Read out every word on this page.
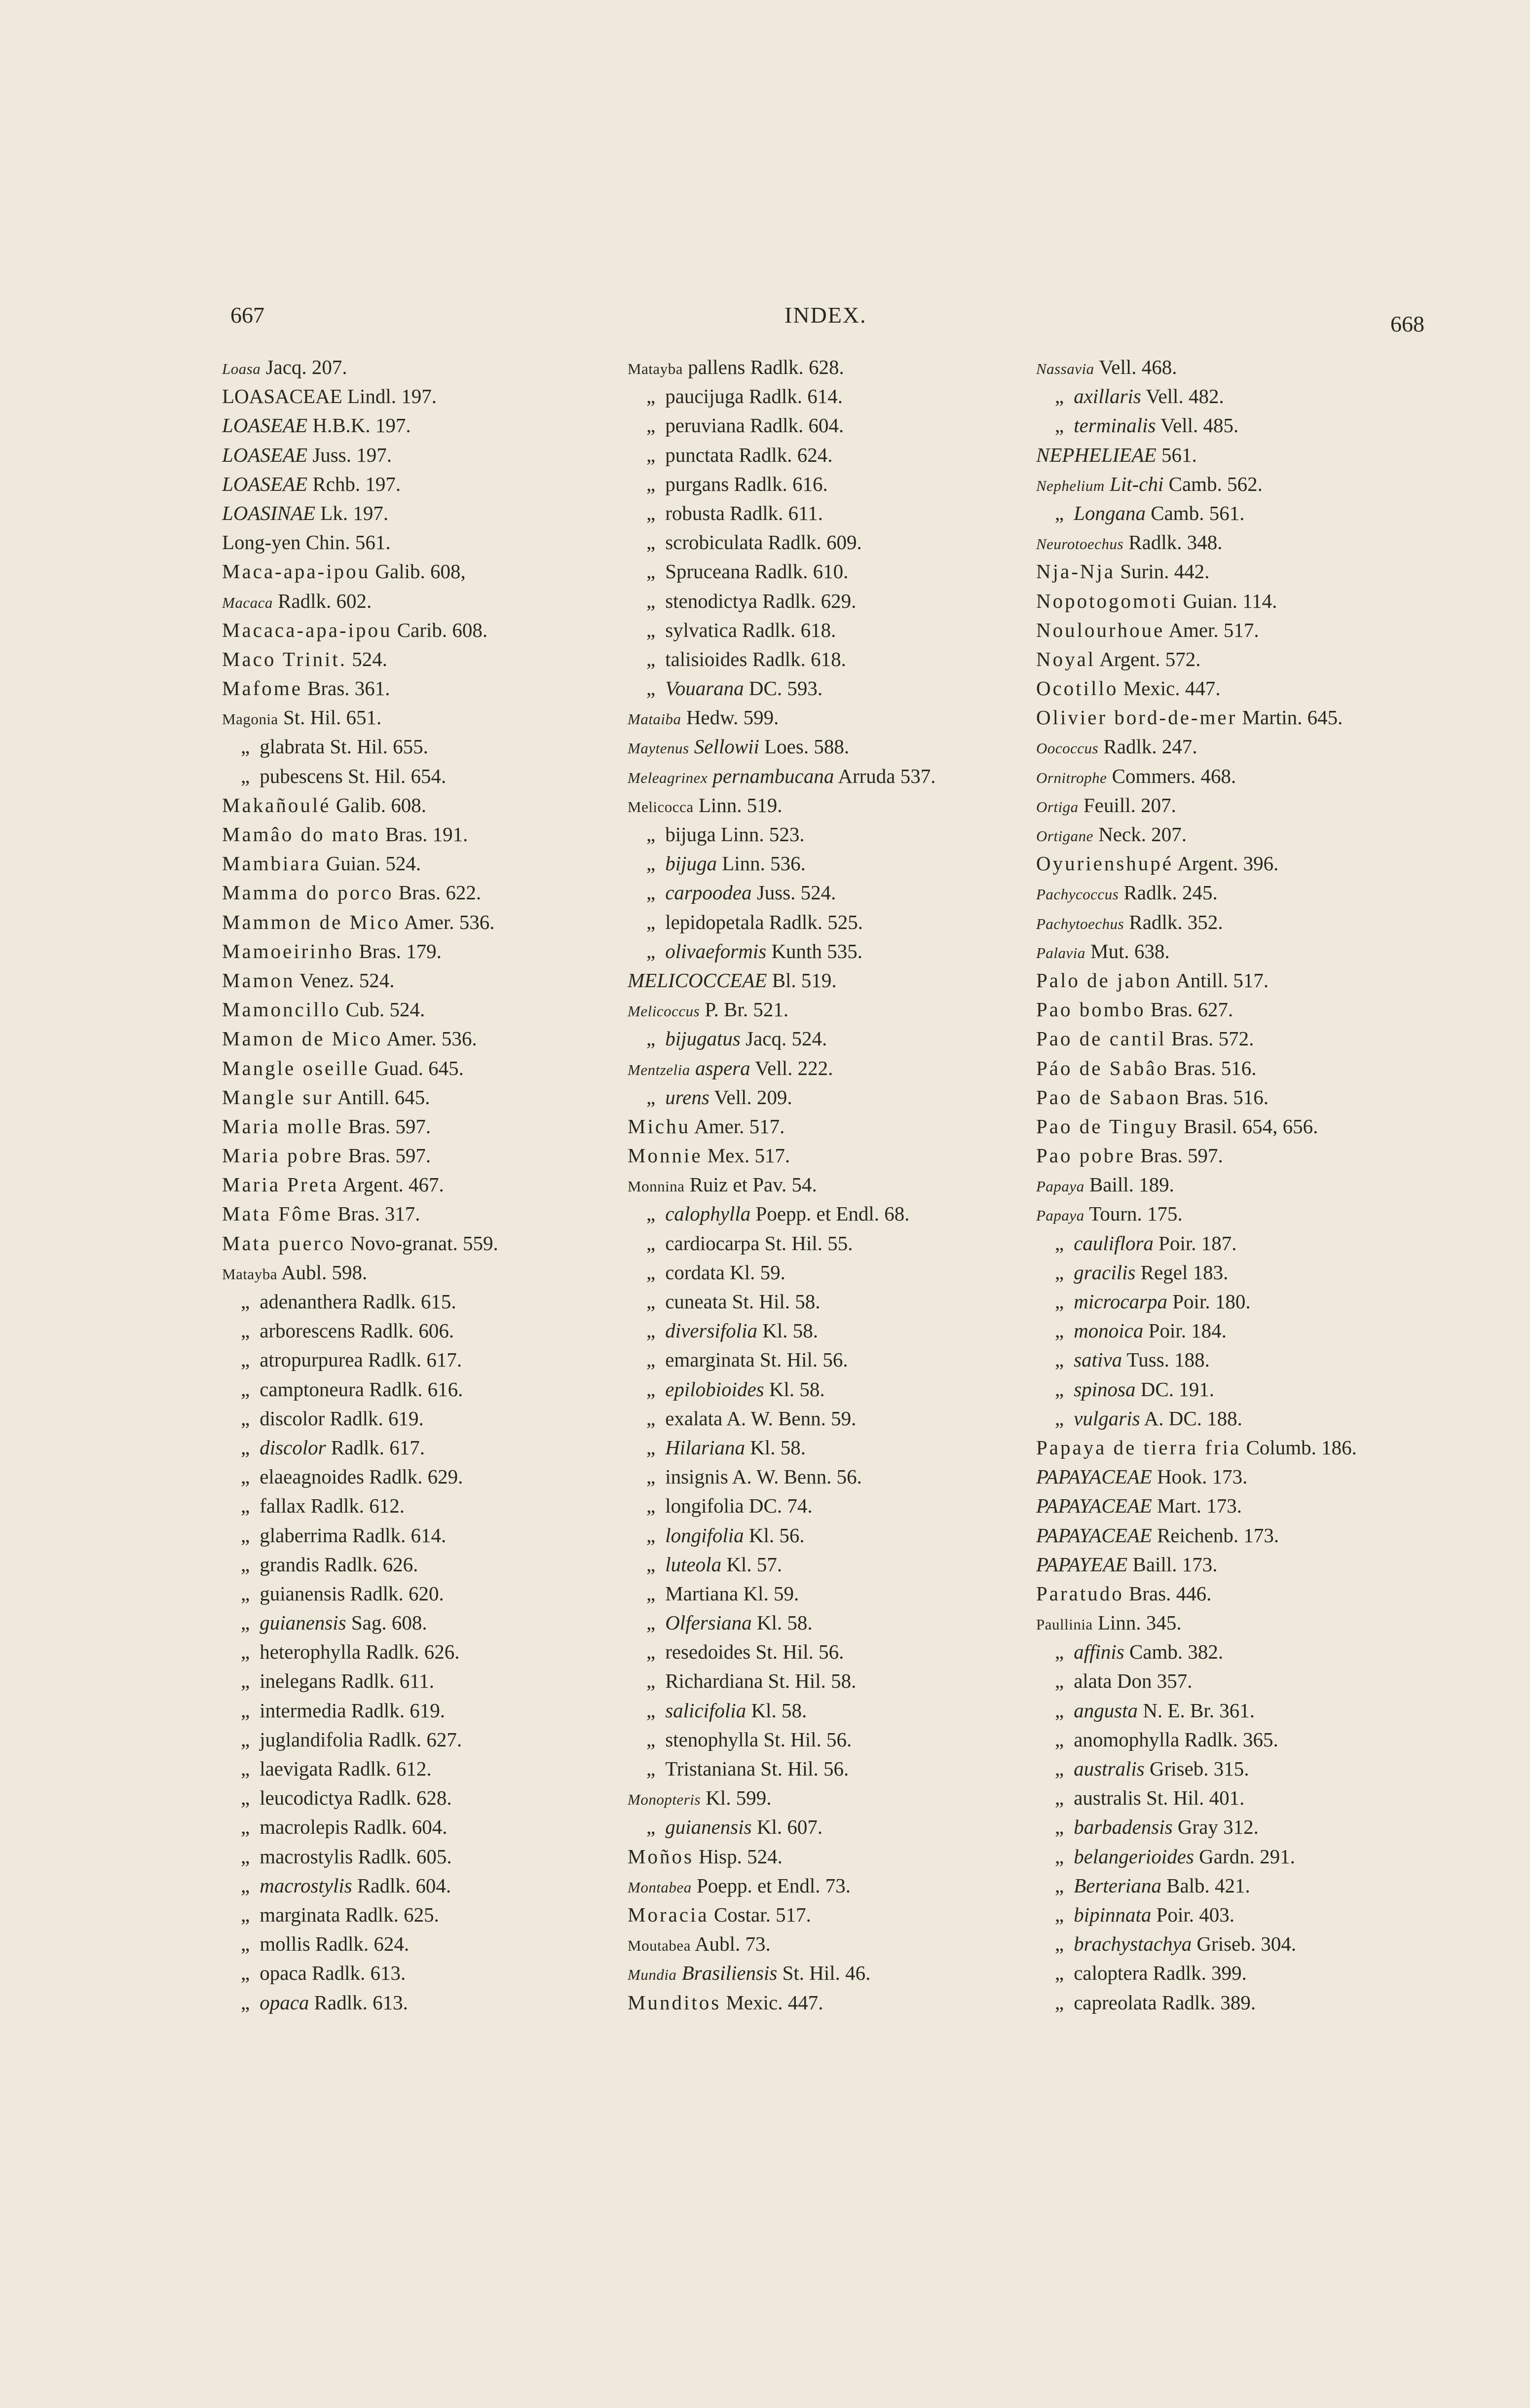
667	INDEX.	668
Loasa Jacq. 207.
LOASACEAE Lindl. 197.
LOASEAE H.B.K. 197.
LOASEAE Juss. 197.
LOASEAE Rchb. 197.
LOASINAE Lk. 197.
Long-yen Chin. 561.
Maca-apa-ipou Galib. 608,
Macaca Radlk. 602.
Macaca-apa-ipou Carib. 608.
Maco Trinit. 524.
Mafome Bras. 361.
Magonia St. Hil. 651.
„ glabrata St. Hil. 655.
„ pubescens St. Hil. 654.
Makañoulé Galib. 608.
Mamâo do mato Bras. 191.
Mambiara Guian. 524.
Mamma do porco Bras. 622.
Mammon de Mico Amer. 536.
Mamoeirinho Bras. 179.
Mamon Venez. 524.
Mamoncillo Cub. 524.
Mamon de Mico Amer. 536.
Mangle oseille Guad. 645.
Mangle sur Antill. 645.
Maria molle Bras. 597.
Maria pobre Bras. 597.
Maria Preta Argent. 467.
Mata Fôme Bras. 317.
Mata puerco Novo-granat. 559.
Matayba Aubl. 598.
„ adenanthera Radlk. 615.
„ arborescens Radlk. 606.
„ atropurpurea Radlk. 617.
„ camptoneura Radlk. 616.
„ discolor Radlk. 619.
„ discolor Radlk. 617.
„ elaeagnoides Radlk. 629.
„ fallax Radlk. 612.
„ glaberrima Radlk. 614.
„ grandis Radlk. 626.
„ guianensis Radlk. 620.
„ guianensis Sag. 608.
„ heterophylla Radlk. 626.
„ inelegans Radlk. 611.
„ intermedia Radlk. 619.
„ juglandifolia Radlk. 627.
„ laevigata Radlk. 612.
„ leucodictya Radlk. 628.
„ macrolepis Radlk. 604.
„ macrostylis Radlk. 605.
„ macrostylis Radlk. 604.
„ marginata Radlk. 625.
„ mollis Radlk. 624.
„ opaca Radlk. 613.
„ opaca Radlk. 613.
Matayba pallens Radlk. 628.
„ paucijuga Radlk. 614.
„ peruviana Radlk. 604.
„ punctata Radlk. 624.
„ purgans Radlk. 616.
„ robusta Radlk. 611.
„ scrobiculata Radlk. 609.
„ Spruceana Radlk. 610.
„ stenodictya Radlk. 629.
„ sylvatica Radlk. 618.
„ talisioides Radlk. 618.
„ Vouarana DC. 593.
Mataiba Hedw. 599.
Maytenus Sellowii Loes. 588.
Meleagrinex pernambucana Arruda 537.
Melicocca Linn. 519.
„ bijuga Linn. 523.
„ bijuga Linn. 536.
„ carpoodea Juss. 524.
„ lepidopetala Radlk. 525.
„ olivaeformis Kunth 535.
MELICOCCEAE Bl. 519.
Melicoccus P. Br. 521.
„ bijugatus Jacq. 524.
Mentzelia aspera Vell. 222.
„ urens Vell. 209.
Michu Amer. 517.
Monnie Mex. 517.
Monnina Ruiz et Pav. 54.
„ calophylla Poepp. et Endl. 68.
„ cardiocarpa St. Hil. 55.
„ cordata Kl. 59.
„ cuneata St. Hil. 58.
„ diversifolia Kl. 58.
„ emarginata St. Hil. 56.
„ epilobioides Kl. 58.
„ exalata A. W. Benn. 59.
„ Hilariana Kl. 58.
„ insignis A. W. Benn. 56.
„ longifolia DC. 74.
„ longifolia Kl. 56.
„ luteola Kl. 57.
„ Martiana Kl. 59.
„ Olfersiana Kl. 58.
„ resedoides St. Hil. 56.
„ Richardiana St. Hil. 58.
„ salicifolia Kl. 58.
„ stenophylla St. Hil. 56.
„ Tristaniana St. Hil. 56.
Monopteris Kl. 599.
„ guianensis Kl. 607.
Moños Hisp. 524.
Montabea Poepp. et Endl. 73.
Moracia Costar. 517.
Moutabea Aubl. 73.
Mundia Brasiliensis St. Hil. 46.
Munditos Mexic. 447.
Nassavia Vell. 468.
„ axillaris Vell. 482.
„ terminalis Vell. 485.
NEPHELIEAE 561.
Nephelium Lit-chi Camb. 562.
„ Longana Camb. 561.
Neurotoechus Radlk. 348.
Nja-Nja Surin. 442.
Nopotogomoti Guian. 114.
Noulourhoue Amer. 517.
Noyal Argent. 572.
Ocotillo Mexic. 447.
Olivier bord-de-mer Martin. 645.
Oococcus Radlk. 247.
Ornitrophe Commers. 468.
Ortiga Feuill. 207.
Ortigane Neck. 207.
Oyurienshupé Argent. 396.
Pachycoccus Radlk. 245.
Pachytoechus Radlk. 352.
Palavia Mut. 638.
Palo de jabon Antill. 517.
Pao bombo Bras. 627.
Pao de cantil Bras. 572.
Páo de Sabâo Bras. 516.
Pao de Sabaon Bras. 516.
Pao de Tinguy Brasil. 654, 656.
Pao pobre Bras. 597.
Papaya Baill. 189.
Papaya Tourn. 175.
„ cauliflora Poir. 187.
„ gracilis Regel 183.
„ microcarpa Poir. 180.
„ monoica Poir. 184.
„ sativa Tuss. 188.
„ spinosa DC. 191.
„ vulgaris A. DC. 188.
Papaya de tierra fria Columb. 186.
PAPAYACEAE Hook. 173.
PAPAYACEAE Mart. 173.
PAPAYACEAE Reichenb. 173.
PAPAYEAE Baill. 173.
Paratudo Bras. 446.
Paullinia Linn. 345.
„ affinis Camb. 382.
„ alata Don 357.
„ angusta N. E. Br. 361.
„ anomophylla Radlk. 365.
„ australis Griseb. 315.
„ australis St. Hil. 401.
„ barbadensis Gray 312.
„ belangerioides Gardn. 291.
„ Berteriana Balb. 421.
„ bipinnata Poir. 403.
„ brachystachya Griseb. 304.
„ caloptera Radlk. 399.
„ capreolata Radlk. 389.
